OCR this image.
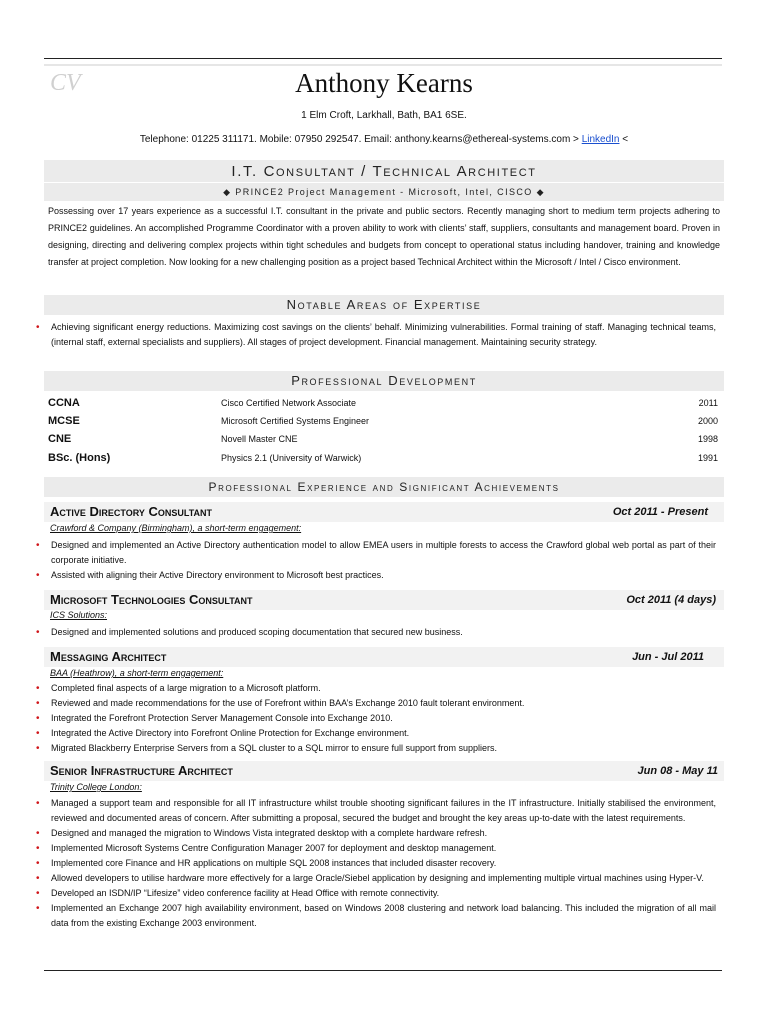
CV	Anthony Kearns
1 Elm Croft, Larkhall, Bath, BA1 6SE.
Telephone: 01225 311171. Mobile: 07950 292547. Email: anthony.kearns@ethereal-systems.com > LinkedIn <
I.T. Consultant / Technical Architect
◆ PRINCE2 Project Management - Microsoft, Intel, CISCO ◆
Possessing over 17 years experience as a successful I.T. consultant in the private and public sectors. Recently managing short to medium term projects adhering to PRINCE2 guidelines. An accomplished Programme Coordinator with a proven ability to work with clients’ staff, suppliers, consultants and management board. Proven in designing, directing and delivering complex projects within tight schedules and budgets from concept to operational status including handover, training and knowledge transfer at project completion. Now looking for a new challenging position as a project based Technical Architect within the Microsoft / Intel / Cisco environment.
Notable Areas of Expertise
• Achieving significant energy reductions. Maximizing cost savings on the clients’ behalf. Minimizing vulnerabilities. Formal training of staff. Managing technical teams, (internal staff, external specialists and suppliers). All stages of project development. Financial management. Maintaining security strategy.
Professional Development
CCNA	Cisco Certified Network Associate	2011
MCSE	Microsoft Certified Systems Engineer	2000
CNE	Novell Master CNE	1998
BSc. (Hons)	Physics 2.1 (University of Warwick)	1991
Professional Experience and Significant Achievements
Active Directory Consultant	Oct 2011 - Present
Crawford & Company (Birmingham), a short-term engagement:
• Designed and implemented an Active Directory authentication model to allow EMEA users in multiple forests to access the Crawford global web portal as part of their corporate initiative.
• Assisted with aligning their Active Directory environment to Microsoft best practices.
Microsoft Technologies Consultant	Oct 2011 (4 days)
ICS Solutions:
• Designed and implemented solutions and produced scoping documentation that secured new business.
Messaging Architect	Jun - Jul 2011
BAA (Heathrow), a short-term engagement:
• Completed final aspects of a large migration to a Microsoft platform.
• Reviewed and made recommendations for the use of Forefront within BAA’s Exchange 2010 fault tolerant environment.
• Integrated the Forefront Protection Server Management Console into Exchange 2010.
• Integrated the Active Directory into Forefront Online Protection for Exchange environment.
• Migrated Blackberry Enterprise Servers from a SQL cluster to a SQL mirror to ensure full support from suppliers.
Senior Infrastructure Architect	Jun 08 - May 11
Trinity College London:
• Managed a support team and responsible for all IT infrastructure whilst trouble shooting significant failures in the IT infrastructure. Initially stabilised the environment, reviewed and documented areas of concern. After submitting a proposal, secured the budget and brought the key areas up-to-date with the latest requirements.
• Designed and managed the migration to Windows Vista integrated desktop with a complete hardware refresh.
• Implemented Microsoft Systems Centre Configuration Manager 2007 for deployment and desktop management.
• Implemented core Finance and HR applications on multiple SQL 2008 instances that included disaster recovery.
• Allowed developers to utilise hardware more effectively for a large Oracle/Siebel application by designing and implementing multiple virtual machines using Hyper-V.
• Developed an ISDN/IP “Lifesize” video conference facility at Head Office with remote connectivity.
• Implemented an Exchange 2007 high availability environment, based on Windows 2008 clustering and network load balancing. This included the migration of all mail data from the existing Exchange 2003 environment.
